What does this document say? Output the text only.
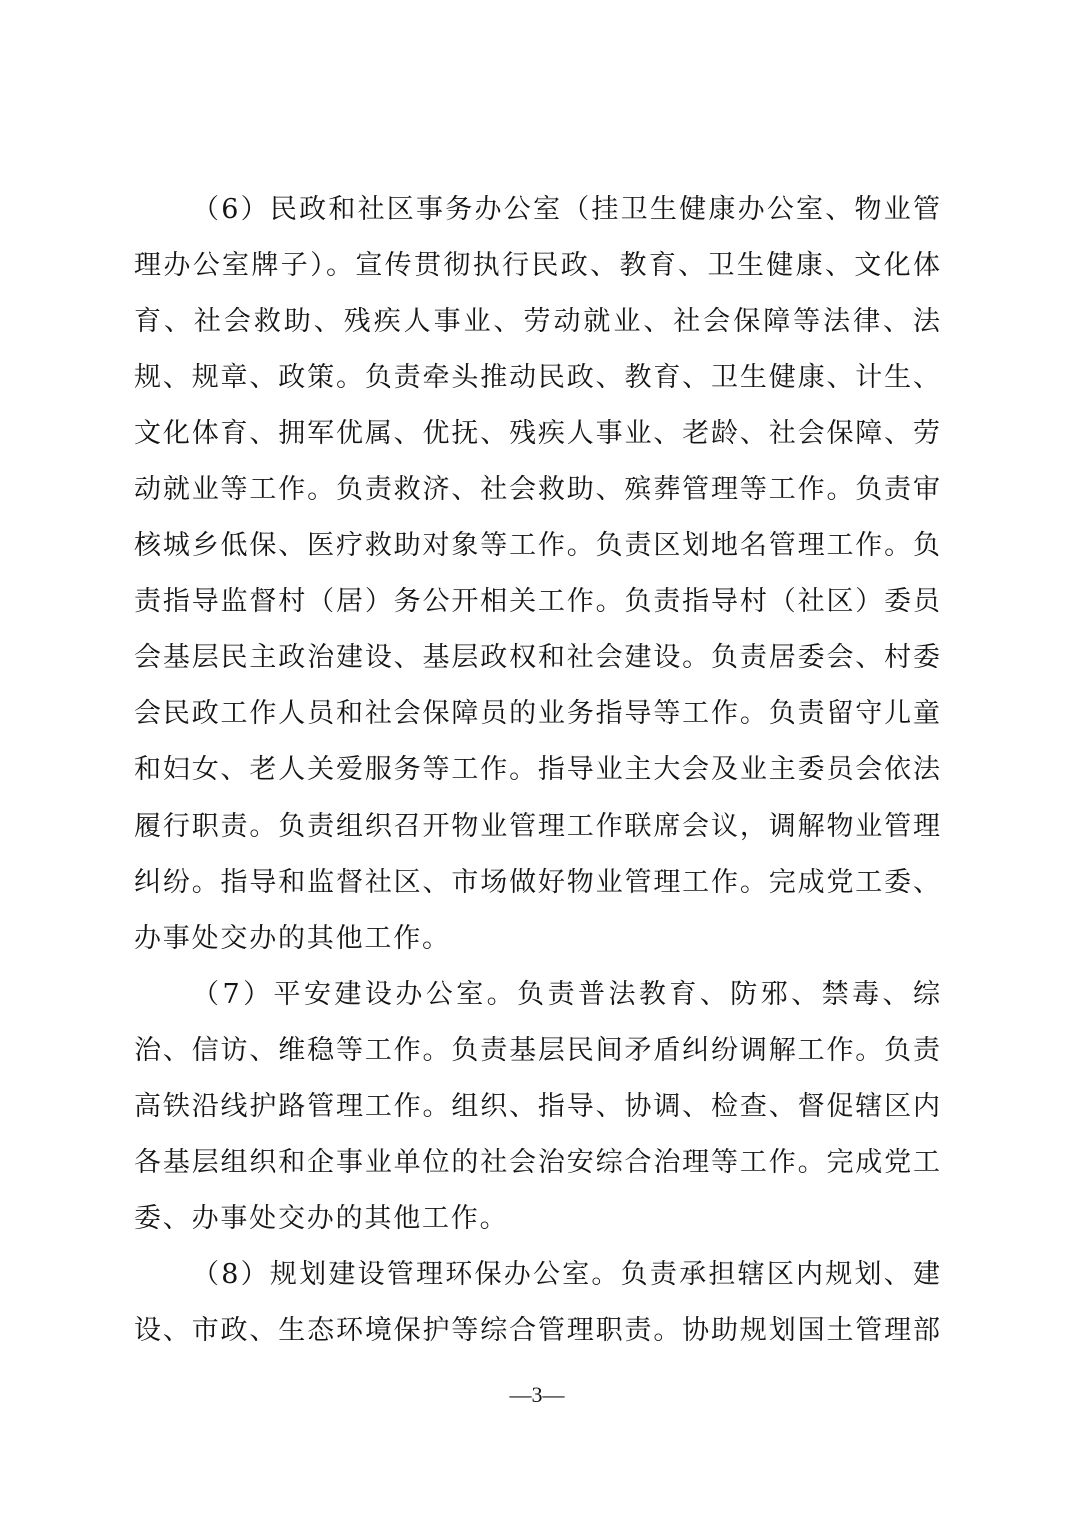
（6）民政和社区事务办公室（挂卫生健康办公室、物业管
理办公室牌子）。宣传贯彻执行民政、教育、卫生健康、文化体
育、社会救助、残疾人事业、劳动就业、社会保障等法律、法
规、规章、政策。负责牵头推动民政、教育、卫生健康、计生、
文化体育、拥军优属、优抚、残疾人事业、老龄、社会保障、劳
动就业等工作。负责救济、社会救助、殡葬管理等工作。负责审
核城乡低保、医疗救助对象等工作。负责区划地名管理工作。负
责指导监督村（居）务公开相关工作。负责指导村（社区）委员
会基层民主政治建设、基层政权和社会建设。负责居委会、村委
会民政工作人员和社会保障员的业务指导等工作。负责留守儿童
和妇女、老人关爱服务等工作。指导业主大会及业主委员会依法
履行职责。负责组织召开物业管理工作联席会议，调解物业管理
纠纷。指导和监督社区、市场做好物业管理工作。完成党工委、
办事处交办的其他工作。
（7）平安建设办公室。负责普法教育、防邪、禁毒、综
治、信访、维稳等工作。负责基层民间矛盾纠纷调解工作。负责
高铁沿线护路管理工作。组织、指导、协调、检查、督促辖区内
各基层组织和企事业单位的社会治安综合治理等工作。完成党工
委、办事处交办的其他工作。
（8）规划建设管理环保办公室。负责承担辖区内规划、建
设、市政、生态环境保护等综合管理职责。协助规划国土管理部
—3—
